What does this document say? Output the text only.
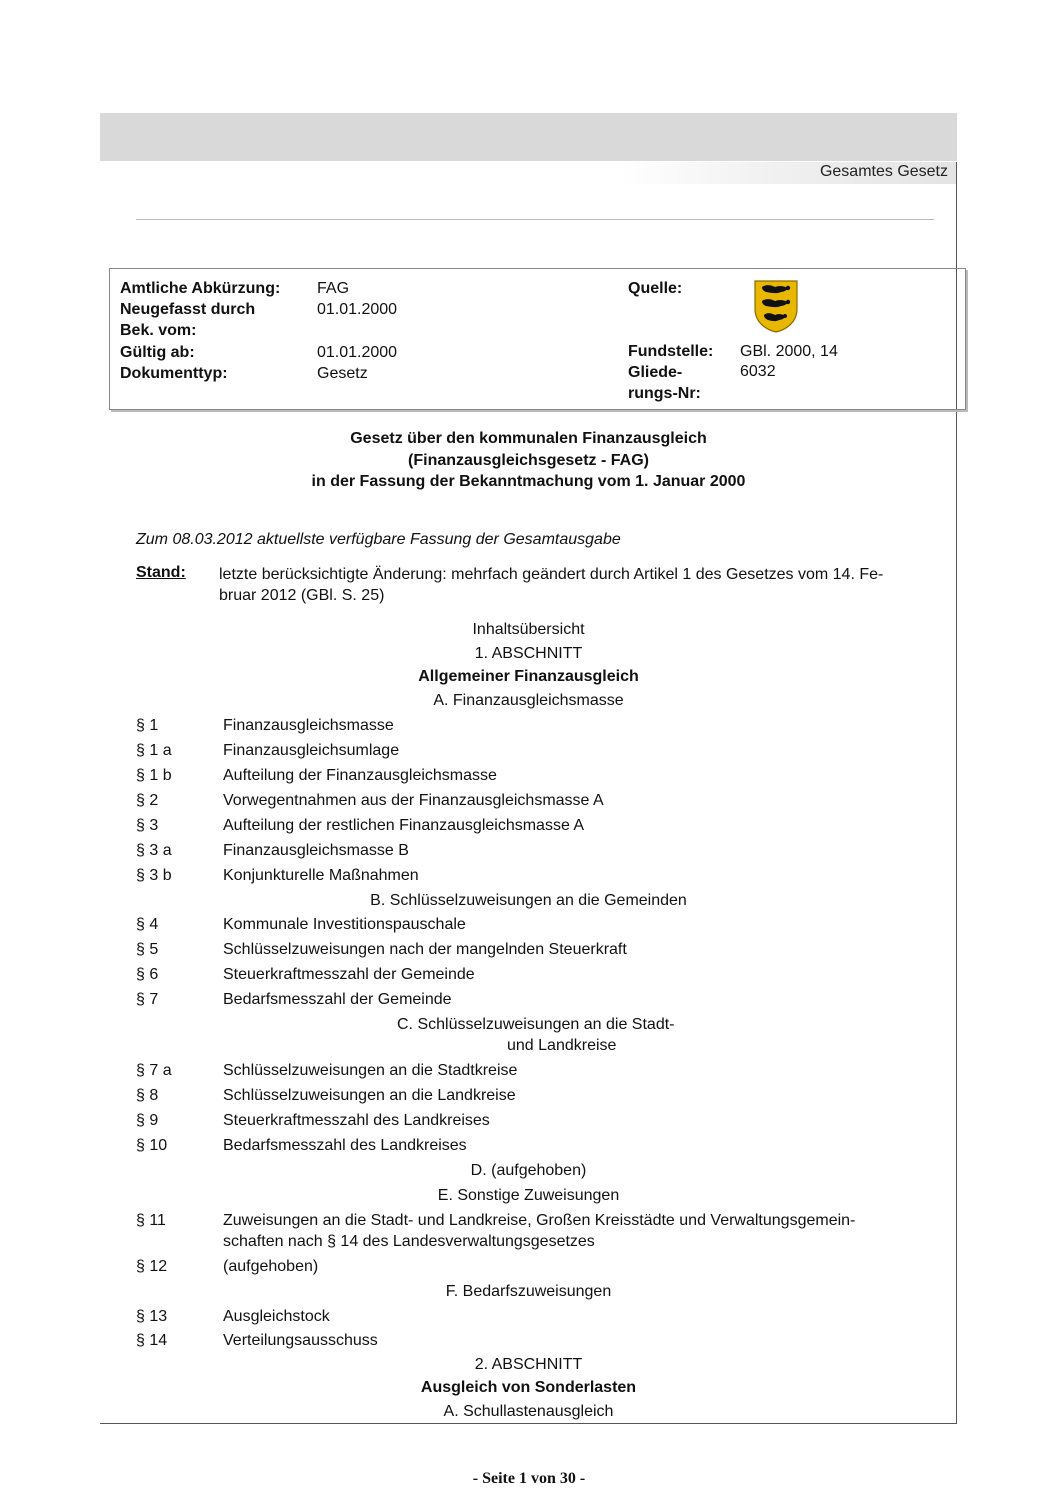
Gesamtes Gesetz
Amtliche Abkürzung: FAG
Neugefasst durch	01.01.2000
Bek. vom:
Gültig ab:	01.01.2000
Dokumenttyp:	Gesetz
Quelle:
Fundstelle: GBl. 2000, 14
Gliede-	6032
rungs-Nr:
Gesetz über den kommunalen Finanzausgleich
(Finanzausgleichsgesetz - FAG)
in der Fassung der Bekanntmachung vom 1. Januar 2000
Zum 08.03.2012 aktuellste verfügbare Fassung der Gesamtausgabe
Stand: letzte berücksichtigte Änderung: mehrfach geändert durch Artikel 1 des Gesetzes vom 14. Fe-
bruar 2012 (GBl. S. 25)
Inhaltsübersicht
1. ABSCHNITT
Allgemeiner Finanzausgleich
A. Finanzausgleichsmasse
§ 1	Finanzausgleichsmasse
§ 1 a	Finanzausgleichsumlage
§ 1 b	Aufteilung der Finanzausgleichsmasse
§ 2	Vorwegentnahmen aus der Finanzausgleichsmasse A
§ 3	Aufteilung der restlichen Finanzausgleichsmasse A
§ 3 a	Finanzausgleichsmasse B
§ 3 b	Konjunkturelle Maßnahmen
B. Schlüsselzuweisungen an die Gemeinden
§ 4	Kommunale Investitionspauschale
§ 5	Schlüsselzuweisungen nach der mangelnden Steuerkraft
§ 6	Steuerkraftmesszahl der Gemeinde
§ 7	Bedarfsmesszahl der Gemeinde
C. Schlüsselzuweisungen an die Stadt-
und Landkreise
§ 7 a	Schlüsselzuweisungen an die Stadtkreise
§ 8	Schlüsselzuweisungen an die Landkreise
§ 9	Steuerkraftmesszahl des Landkreises
§ 10	Bedarfsmesszahl des Landkreises
D. (aufgehoben)
E. Sonstige Zuweisungen
§ 11	Zuweisungen an die Stadt- und Landkreise, Großen Kreisstädte und Verwaltungsgemein-
schaften nach § 14 des Landesverwaltungsgesetzes
§ 12	(aufgehoben)
F. Bedarfszuweisungen
§ 13	Ausgleichstock
§ 14	Verteilungsausschuss
2. ABSCHNITT
Ausgleich von Sonderlasten
A. Schullastenausgleich
- Seite 1 von 30 -
